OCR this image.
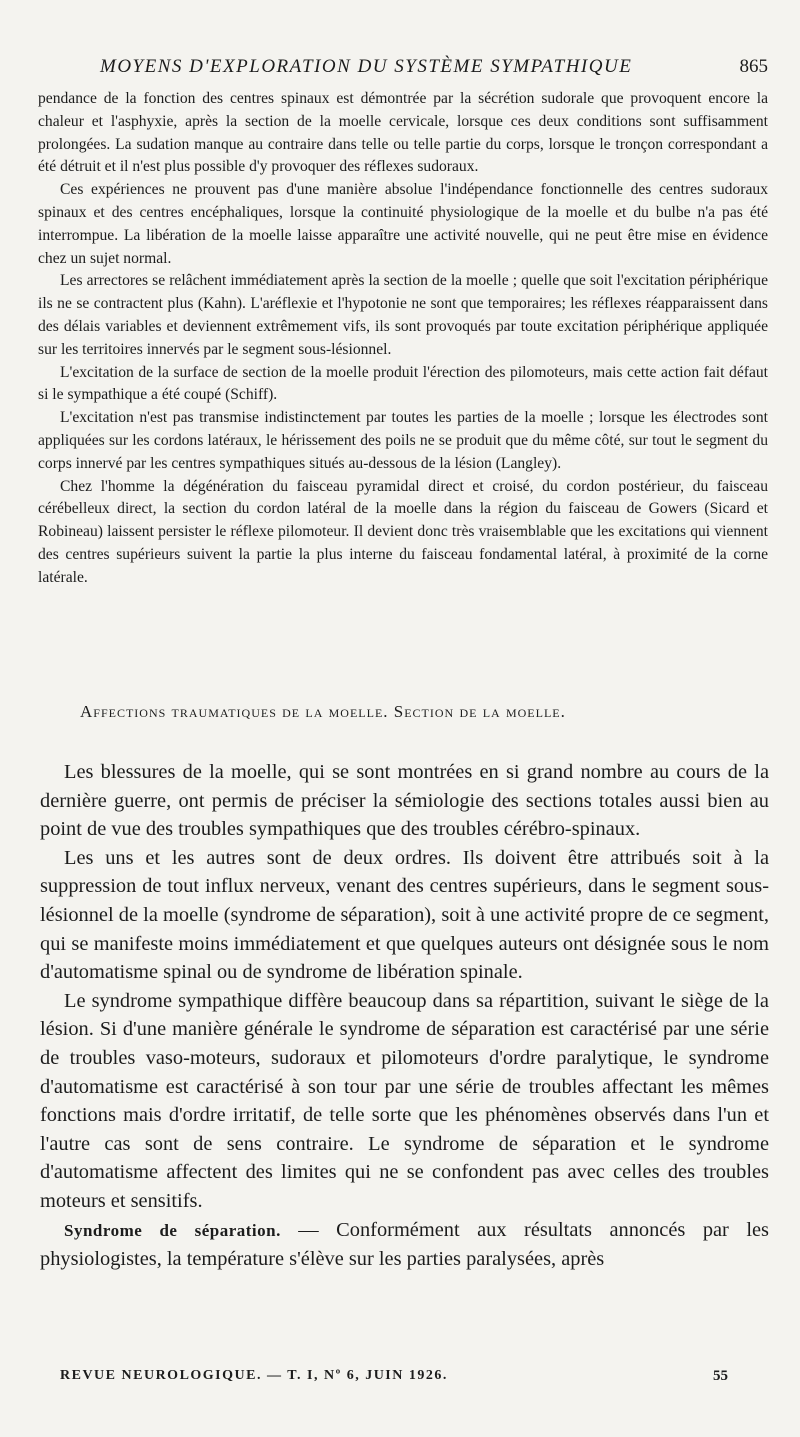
MOYENS D'EXPLORATION DU SYSTÈME SYMPATHIQUE	865

pendance de la fonction des centres spinaux est démontrée par la sécrétion sudorale que provoquent encore la chaleur et l'asphyxie, après la section de la moelle cervicale, lorsque ces deux conditions sont suffisamment prolongées. La sudation manque au contraire dans telle ou telle partie du corps, lorsque le tronçon correspondant a été détruit et il n'est plus possible d'y provoquer des réflexes sudoraux.

Ces expériences ne prouvent pas d'une manière absolue l'indépendance fonctionnelle des centres sudoraux spinaux et des centres encéphaliques, lorsque la continuité physiologique de la moelle et du bulbe n'a pas été interrompue. La libération de la moelle laisse apparaître une activité nouvelle, qui ne peut être mise en évidence chez un sujet normal.

Les arrectores se relâchent immédiatement après la section de la moelle ; quelle que soit l'excitation périphérique ils ne se contractent plus (Kahn). L'aréflexie et l'hypotonie ne sont que temporaires; les réflexes réapparaissent dans des délais variables et deviennent extrêmement vifs, ils sont provoqués par toute excitation périphérique appliquée sur les territoires innervés par le segment sous-lésionnel.

L'excitation de la surface de section de la moelle produit l'érection des pilomoteurs, mais cette action fait défaut si le sympathique a été coupé (Schiff).

L'excitation n'est pas transmise indistinctement par toutes les parties de la moelle ; lorsque les électrodes sont appliquées sur les cordons latéraux, le hérissement des poils ne se produit que du même côté, sur tout le segment du corps innervé par les centres sympathiques situés au-dessous de la lésion (Langley).

Chez l'homme la dégénération du faisceau pyramidal direct et croisé, du cordon postérieur, du faisceau cérébelleux direct, la section du cordon latéral de la moelle dans la région du faisceau de Gowers (Sicard et Robineau) laissent persister le réflexe pilomoteur. Il devient donc très vraisemblable que les excitations qui viennent des centres supérieurs suivent la partie la plus interne du faisceau fondamental latéral, à proximité de la corne latérale.

Affections traumatiques de la moelle. Section de la moelle.

Les blessures de la moelle, qui se sont montrées en si grand nombre au cours de la dernière guerre, ont permis de préciser la sémiologie des sections totales aussi bien au point de vue des troubles sympathiques que des troubles cérébro-spinaux.

Les uns et les autres sont de deux ordres. Ils doivent être attribués soit à la suppression de tout influx nerveux, venant des centres supérieurs, dans le segment sous-lésionnel de la moelle (syndrome de séparation), soit à une activité propre de ce segment, qui se manifeste moins immédiatement et que quelques auteurs ont désignée sous le nom d'automatisme spinal ou de syndrome de libération spinale.

Le syndrome sympathique diffère beaucoup dans sa répartition, suivant le siège de la lésion. Si d'une manière générale le syndrome de séparation est caractérisé par une série de troubles vaso-moteurs, sudoraux et pilomoteurs d'ordre paralytique, le syndrome d'automatisme est caractérisé à son tour par une série de troubles affectant les mêmes fonctions mais d'ordre irritatif, de telle sorte que les phénomènes observés dans l'un et l'autre cas sont de sens contraire. Le syndrome de séparation et le syndrome d'automatisme affectent des limites qui ne se confondent pas avec celles des troubles moteurs et sensitifs.

Syndrome de séparation. — Conformément aux résultats annoncés par les physiologistes, la température s'élève sur les parties paralysées, après

REVUE NEUROLOGIQUE. — T. I, Nº 6, JUIN 1926.	55
